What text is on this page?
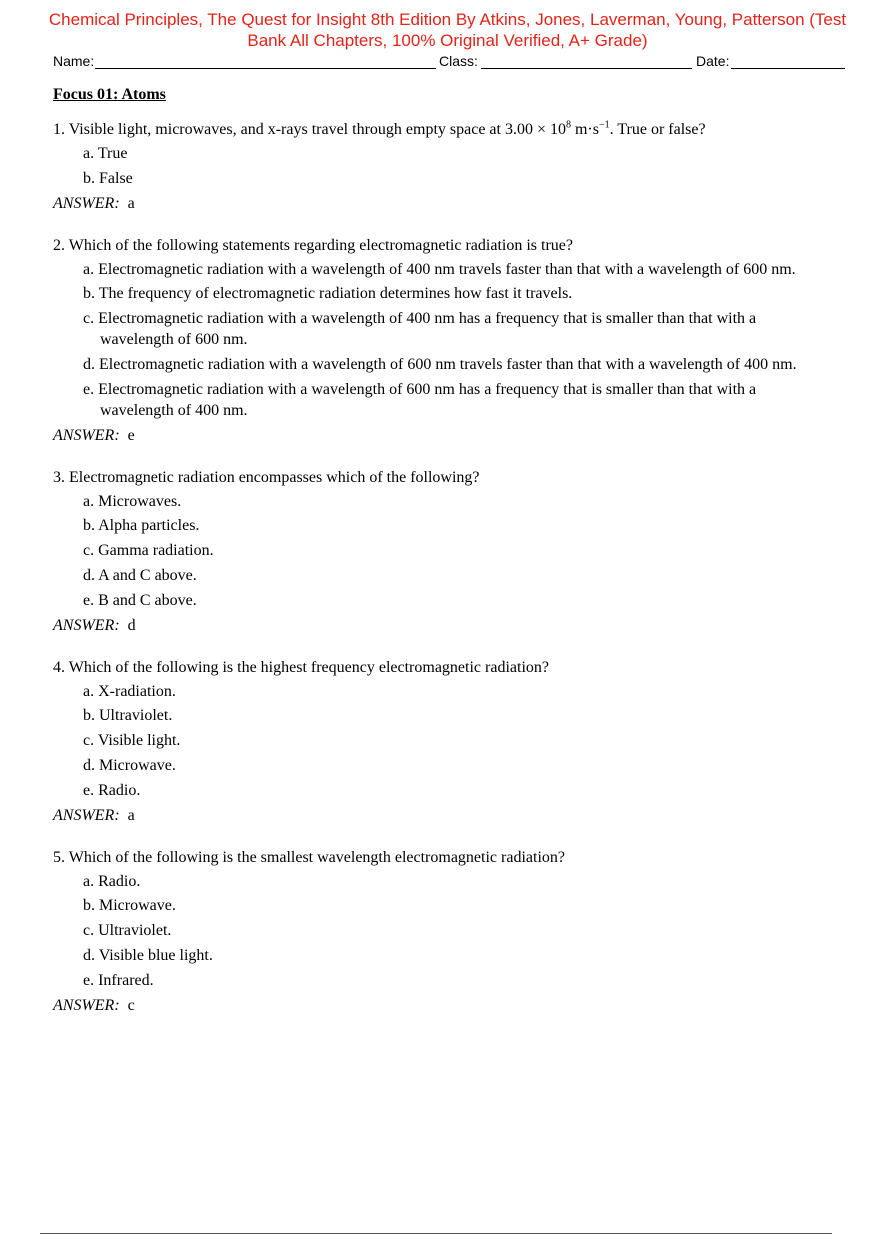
Chemical Principles, The Quest for Insight 8th Edition By Atkins, Jones, Laverman, Young, Patterson (Test
Bank All Chapters, 100% Original Verified, A+ Grade)
Name:	Class:	Date:
Focus 01: Atoms
1. Visible light, microwaves, and x-rays travel through empty space at $3.00 \times 10^8$ $m\cdot s^{-1}$. True or false?
a. True
b. False
ANSWER: a
2. Which of the following statements regarding electromagnetic radiation is true?
a. Electromagnetic radiation with a wavelength of 400 nm travels faster than that with a wavelength of 600 nm.
b. The frequency of electromagnetic radiation determines how fast it travels.
c. Electromagnetic radiation with a wavelength of 400 nm has a frequency that is smaller than that with a wavelength of 600 nm.
d. Electromagnetic radiation with a wavelength of 600 nm travels faster than that with a wavelength of 400 nm.
e. Electromagnetic radiation with a wavelength of 600 nm has a frequency that is smaller than that with a wavelength of 400 nm.
ANSWER: e
3. Electromagnetic radiation encompasses which of the following?
a. Microwaves.
b. Alpha particles.
c. Gamma radiation.
d. A and C above.
e. B and C above.
ANSWER: d
4. Which of the following is the highest frequency electromagnetic radiation?
a. X-radiation.
b. Ultraviolet.
c. Visible light.
d. Microwave.
e. Radio.
ANSWER: a
5. Which of the following is the smallest wavelength electromagnetic radiation?
a. Radio.
b. Microwave.
c. Ultraviolet.
d. Visible blue light.
e. Infrared.
ANSWER: c
